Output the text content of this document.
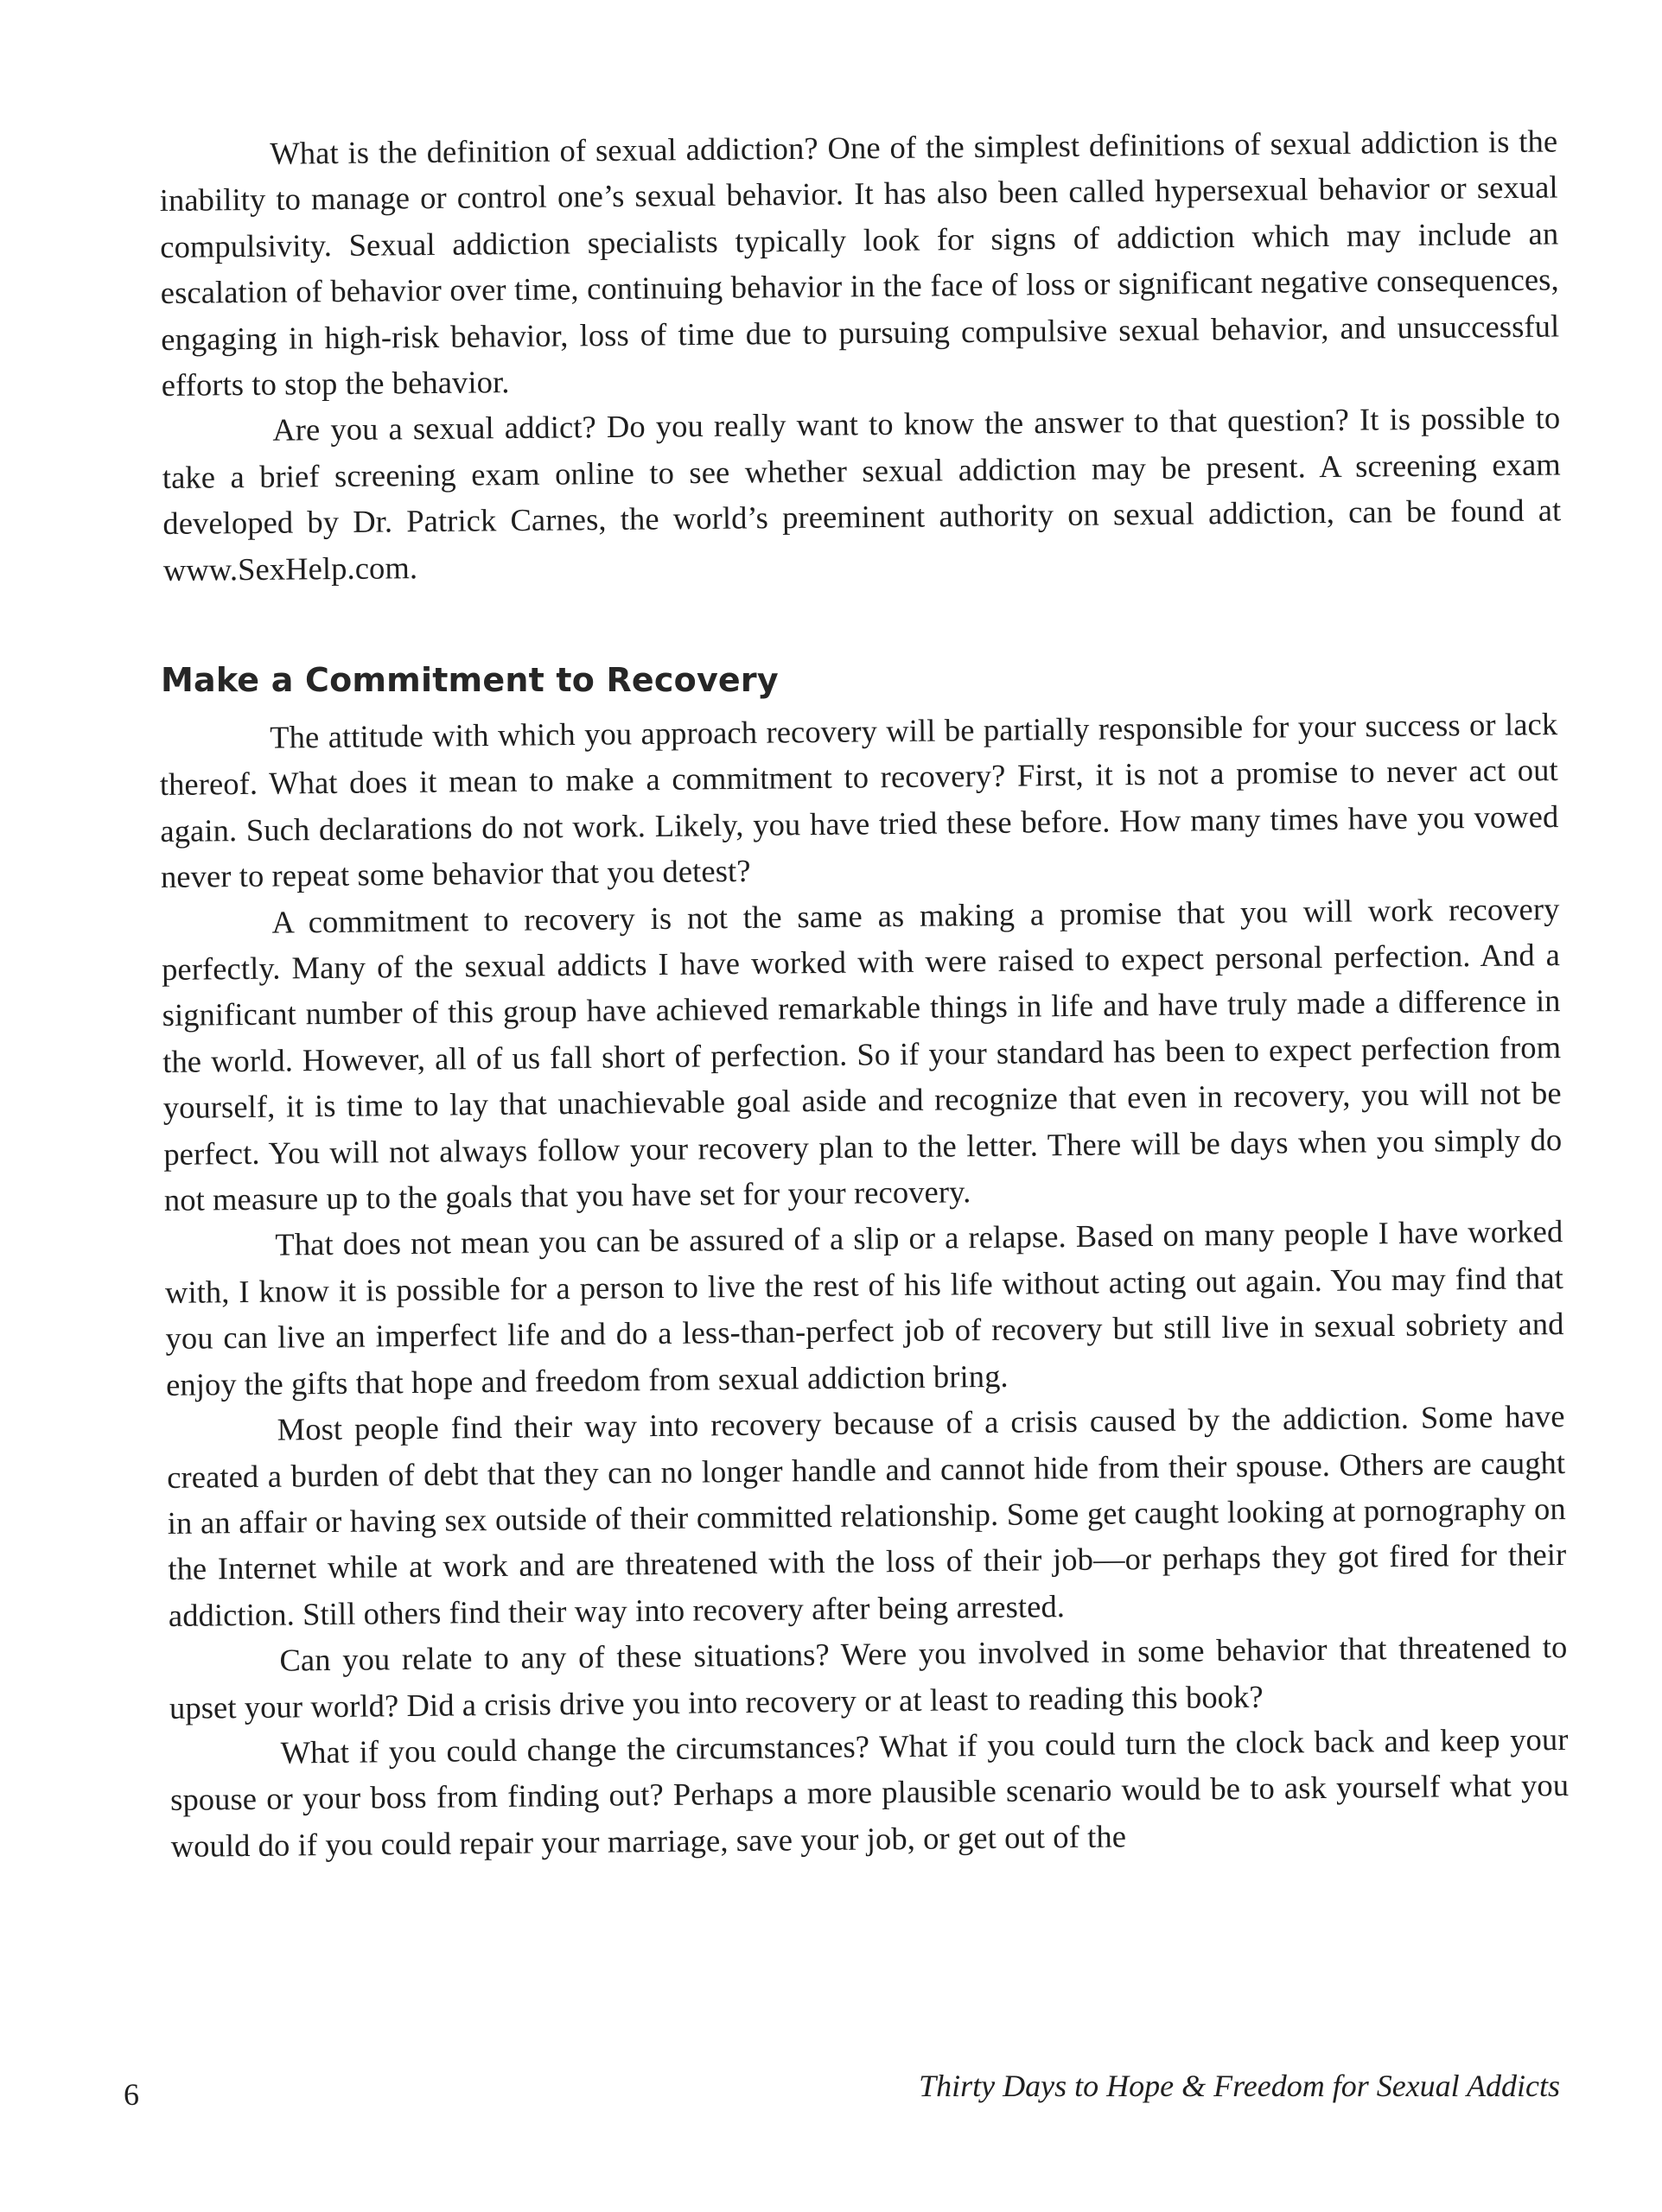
What is the definition of sexual addiction? One of the simplest definitions of sexual addiction is the inability to manage or control one’s sexual behavior. It has also been called hypersexual behavior or sexual compulsivity. Sexual addiction specialists typically look for signs of addiction which may include an escalation of behavior over time, continuing behavior in the face of loss or significant negative consequences, engaging in high-risk behavior, loss of time due to pursuing compulsive sexual behavior, and unsuccessful efforts to stop the behavior.

Are you a sexual addict? Do you really want to know the answer to that question? It is possible to take a brief screening exam online to see whether sexual addiction may be present. A screening exam developed by Dr. Patrick Carnes, the world’s preeminent authority on sexual addiction, can be found at www.SexHelp.com.

Make a Commitment to Recovery

The attitude with which you approach recovery will be partially responsible for your success or lack thereof. What does it mean to make a commitment to recovery? First, it is not a promise to never act out again. Such declarations do not work. Likely, you have tried these before. How many times have you vowed never to repeat some behavior that you detest?

A commitment to recovery is not the same as making a promise that you will work recovery perfectly. Many of the sexual addicts I have worked with were raised to expect personal perfection. And a significant number of this group have achieved remarkable things in life and have truly made a difference in the world. However, all of us fall short of perfection. So if your standard has been to expect perfection from yourself, it is time to lay that unachievable goal aside and recognize that even in recovery, you will not be perfect. You will not always follow your recovery plan to the letter. There will be days when you simply do not measure up to the goals that you have set for your recovery.

That does not mean you can be assured of a slip or a relapse. Based on many people I have worked with, I know it is possible for a person to live the rest of his life without acting out again. You may find that you can live an imperfect life and do a less-than-perfect job of recovery but still live in sexual sobriety and enjoy the gifts that hope and freedom from sexual addiction bring.

Most people find their way into recovery because of a crisis caused by the addiction. Some have created a burden of debt that they can no longer handle and cannot hide from their spouse. Others are caught in an affair or having sex outside of their committed relationship. Some get caught looking at pornography on the Internet while at work and are threatened with the loss of their job—or perhaps they got fired for their addiction. Still others find their way into recovery after being arrested.

Can you relate to any of these situations? Were you involved in some behavior that threatened to upset your world? Did a crisis drive you into recovery or at least to reading this book?

What if you could change the circumstances? What if you could turn the clock back and keep your spouse or your boss from finding out? Perhaps a more plausible scenario would be to ask yourself what you would do if you could repair your marriage, save your job, or get out of the

6	Thirty Days to Hope & Freedom for Sexual Addicts
